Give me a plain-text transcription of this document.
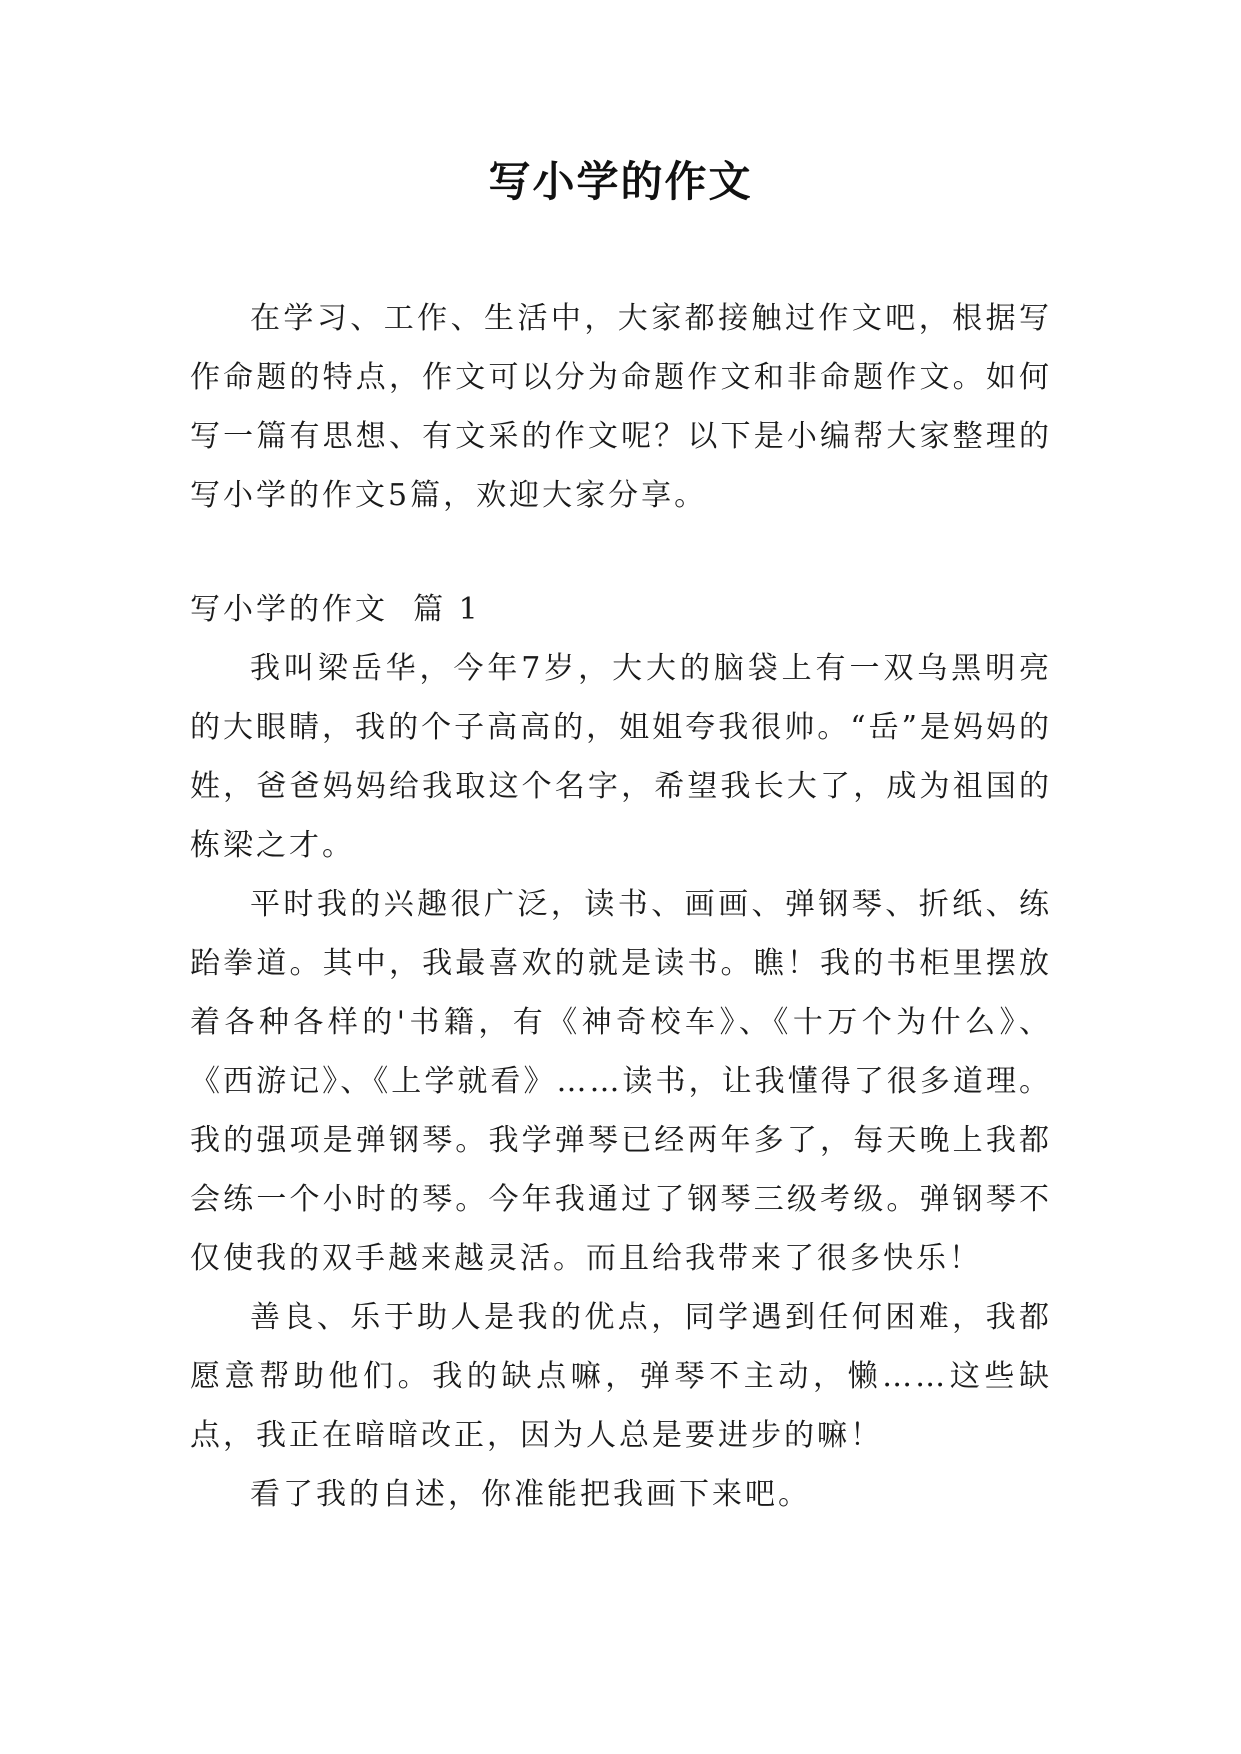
写小学的作文

在学习、工作、生活中，大家都接触过作文吧，根据写作命题的特点，作文可以分为命题作文和非命题作文。如何写一篇有思想、有文采的作文呢？以下是小编帮大家整理的写小学的作文5篇，欢迎大家分享。

写小学的作文  篇 1

我叫梁岳华，今年7岁，大大的脑袋上有一双乌黑明亮的大眼睛，我的个子高高的，姐姐夸我很帅。“岳”是妈妈的姓，爸爸妈妈给我取这个名字，希望我长大了，成为祖国的栋梁之才。

平时我的兴趣很广泛，读书、画画、弹钢琴、折纸、练跆拳道。其中，我最喜欢的就是读书。瞧！我的书柜里摆放着各种各样的'书籍，有《神奇校车》、《十万个为什么》、《西游记》、《上学就看》……读书，让我懂得了很多道理。我的强项是弹钢琴。我学弹琴已经两年多了，每天晚上我都会练一个小时的琴。今年我通过了钢琴三级考级。弹钢琴不仅使我的双手越来越灵活。而且给我带来了很多快乐！

善良、乐于助人是我的优点，同学遇到任何困难，我都愿意帮助他们。我的缺点嘛，弹琴不主动，懒……这些缺点，我正在暗暗改正，因为人总是要进步的嘛！

看了我的自述，你准能把我画下来吧。
